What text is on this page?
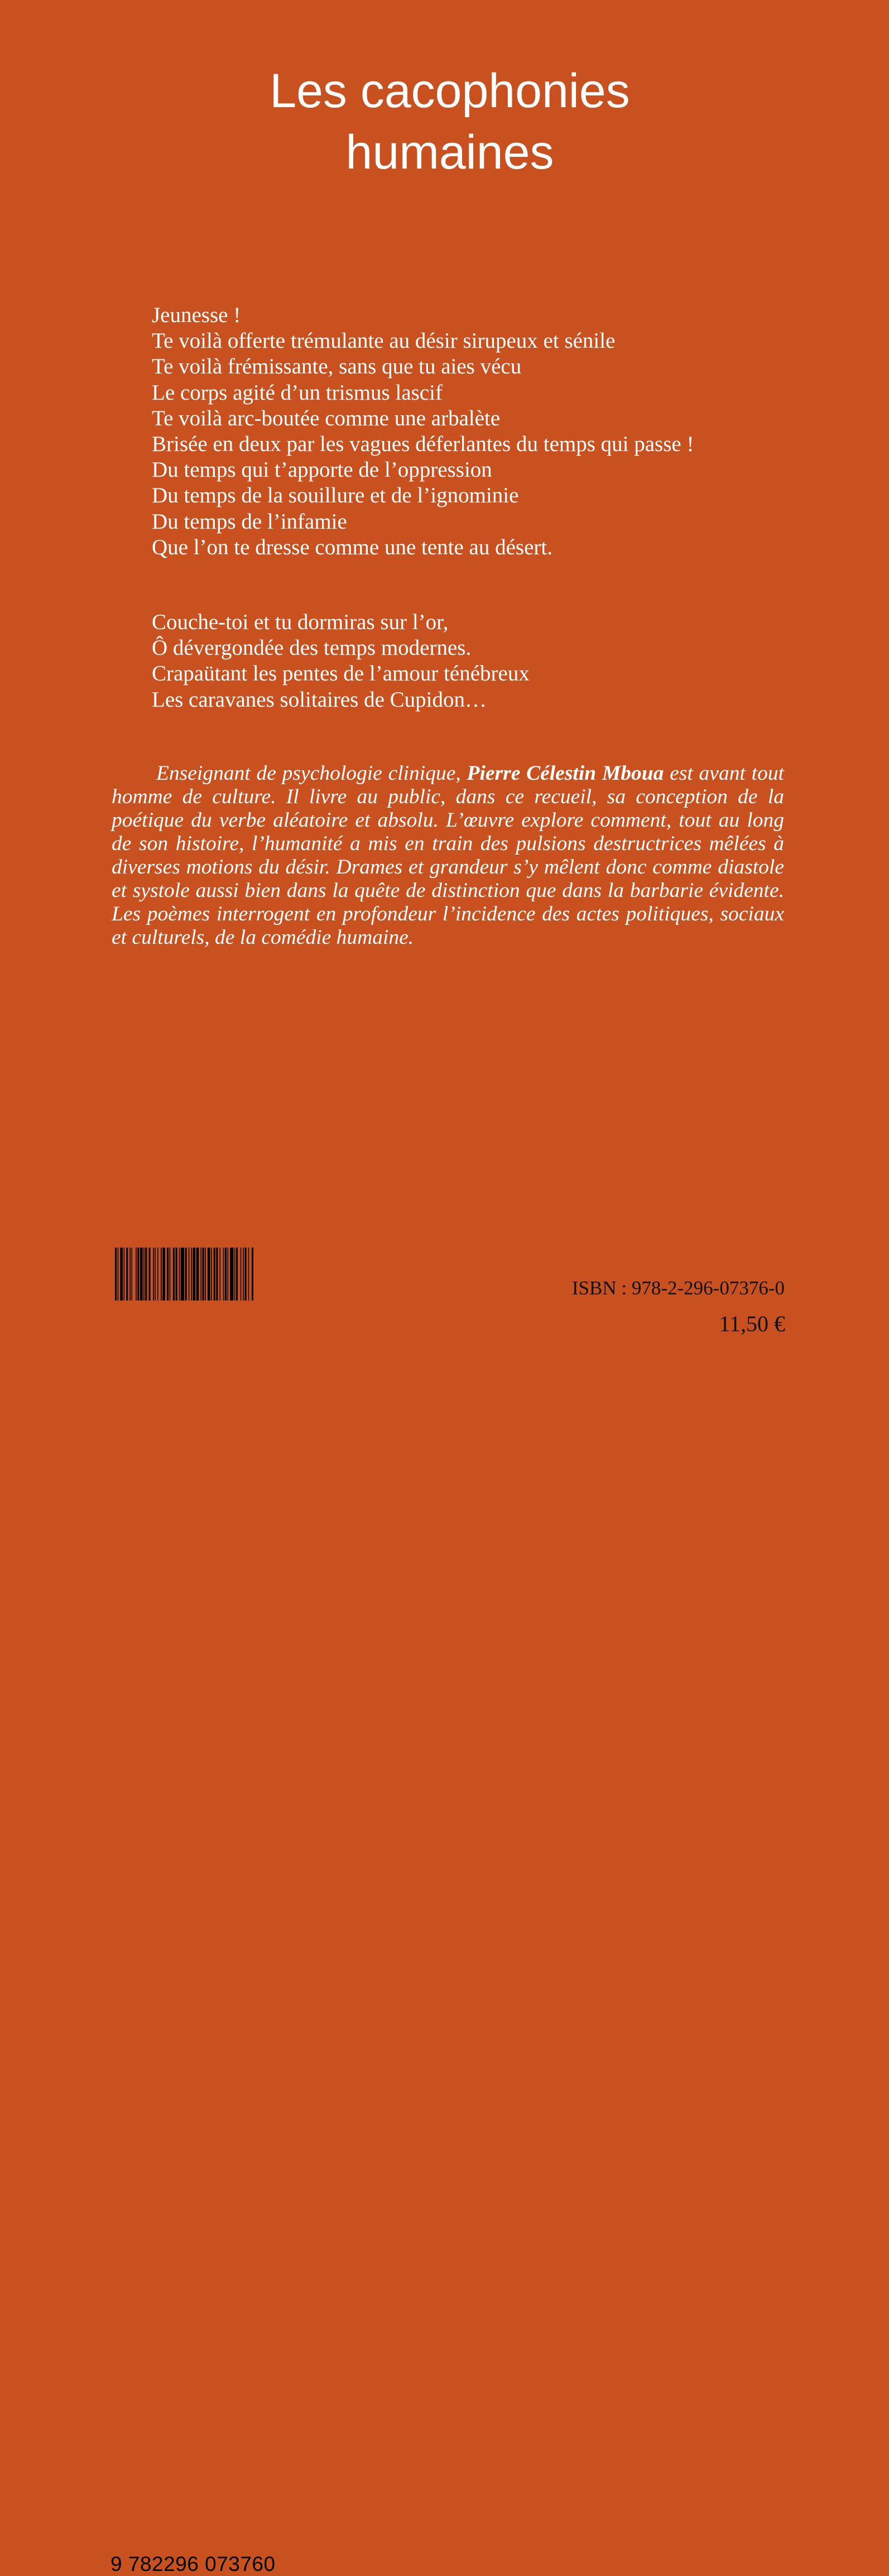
Les cacophonies
humaines
Jeunesse !
Te voilà offerte trémulante au désir sirupeux et sénile
Te voilà frémissante, sans que tu aies vécu
Le corps agité d’un trismus lascif
Te voilà arc-boutée comme une arbalète
Brisée en deux par les vagues déferlantes du temps qui passe !
Du temps qui t’apporte de l’oppression
Du temps de la souillure et de l’ignominie
Du temps de l’infamie
Que l’on te dresse comme une tente au désert.
Couche-toi et tu dormiras sur l’or,
Ô dévergondée des temps modernes.
Crapaütant les pentes de l’amour ténébreux
Les caravanes solitaires de Cupidon…

Enseignant de psychologie clinique, Pierre Célestin Mboua est avant tout homme de culture. Il livre au public, dans ce recueil, sa conception de la poétique du verbe aléatoire et absolu. L’œuvre explore comment, tout au long de son histoire, l’humanité a mis en train des pulsions destructrices mêlées à diverses motions du désir. Drames et grandeur s’y mêlent donc comme diastole et systole aussi bien dans la quête de distinction que dans la barbarie évidente. Les poèmes interrogent en profondeur l’incidence des actes politiques, sociaux et culturels, de la comédie humaine.

9 782296 073760

ISBN : 978-2-296-07376-0

11,50 €
